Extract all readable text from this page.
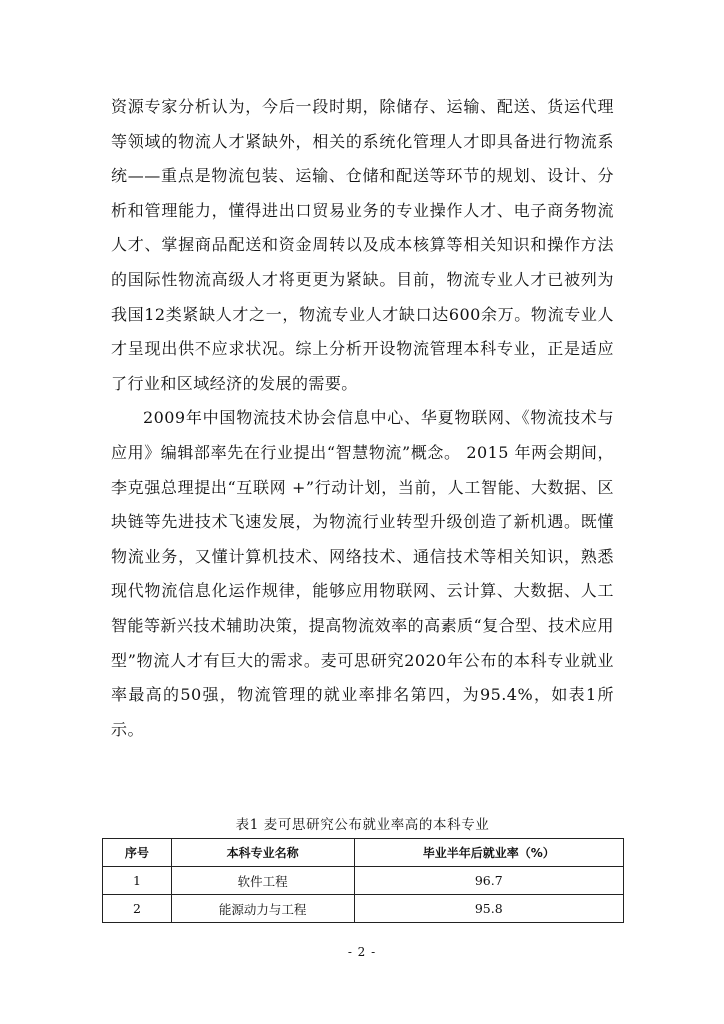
资源专家分析认为，今后一段时期，除储存、运输、配送、货运代理等领域的物流人才紧缺外，相关的系统化管理人才即具备进行物流系统——重点是物流包装、运输、仓储和配送等环节的规划、设计、分析和管理能力，懂得进出口贸易业务的专业操作人才、电子商务物流人才、掌握商品配送和资金周转以及成本核算等相关知识和操作方法的国际性物流高级人才将更更为紧缺。目前，物流专业人才已被列为我国12类紧缺人才之一，物流专业人才缺口达600余万。物流专业人才呈现出供不应求状况。综上分析开设物流管理本科专业，正是适应了行业和区域经济的发展的需要。

2009年中国物流技术协会信息中心、华夏物联网、《物流技术与应用》编辑部率先在行业提出“智慧物流”概念。 2015 年两会期间，李克强总理提出“互联网 +”行动计划，当前，人工智能、大数据、区块链等先进技术飞速发展，为物流行业转型升级创造了新机遇。既懂物流业务，又懂计算机技术、网络技术、通信技术等相关知识，熟悉现代物流信息化运作规律，能够应用物联网、云计算、大数据、人工智能等新兴技术辅助决策，提高物流效率的高素质“复合型、技术应用型”物流人才有巨大的需求。麦可思研究2020年公布的本科专业就业率最高的50强，物流管理的就业率排名第四，为95.4%，如表1所示。

表1 麦可思研究公布就业率高的本科专业
序号	本科专业名称	毕业半年后就业率（%）
1	软件工程	96.7
2	能源动力与工程	95.8
- 2 -
